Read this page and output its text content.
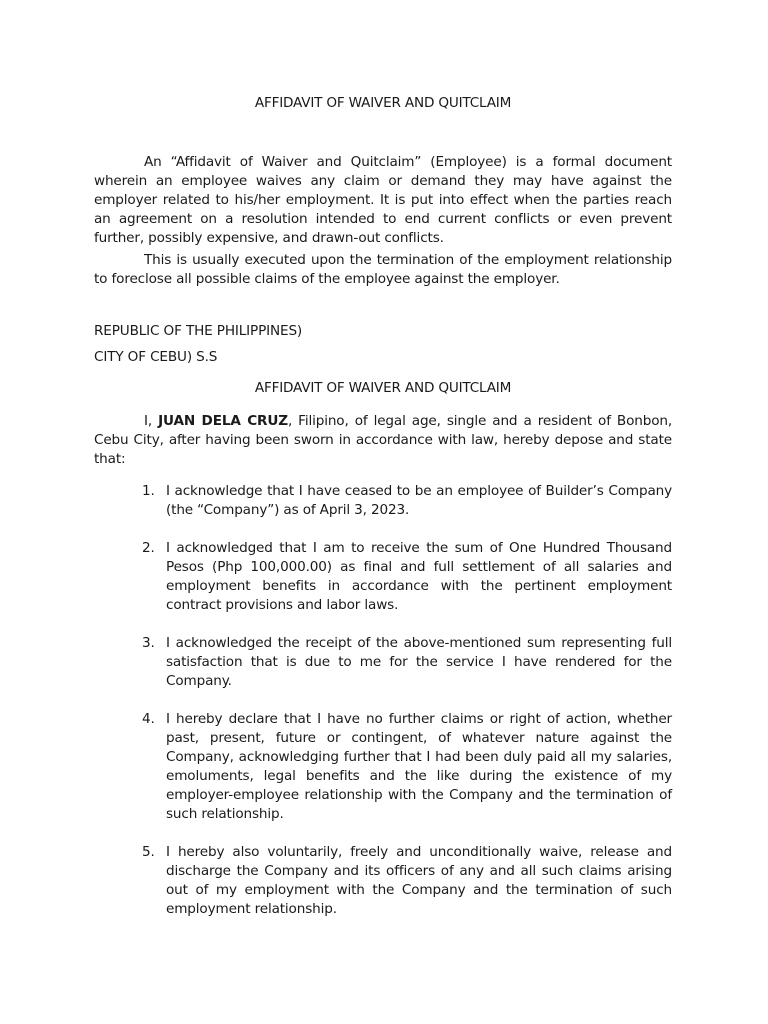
AFFIDAVIT OF WAIVER AND QUITCLAIM

An “Affidavit of Waiver and Quitclaim” (Employee) is a formal document wherein an employee waives any claim or demand they may have against the employer related to his/her employment. It is put into effect when the parties reach an agreement on a resolution intended to end current conflicts or even prevent further, possibly expensive, and drawn-out conflicts.

This is usually executed upon the termination of the employment relationship to foreclose all possible claims of the employee against the employer.

REPUBLIC OF THE PHILIPPINES)

CITY OF CEBU) S.S

AFFIDAVIT OF WAIVER AND QUITCLAIM

I, JUAN DELA CRUZ, Filipino, of legal age, single and a resident of Bonbon, Cebu City, after having been sworn in accordance with law, hereby depose and state that:

1. I acknowledge that I have ceased to be an employee of Builder’s Company (the “Company”) as of April 3, 2023.
2. I acknowledged that I am to receive the sum of One Hundred Thousand Pesos (Php 100,000.00) as final and full settlement of all salaries and employment benefits in accordance with the pertinent employment contract provisions and labor laws.
3. I acknowledged the receipt of the above-mentioned sum representing full satisfaction that is due to me for the service I have rendered for the Company.
4. I hereby declare that I have no further claims or right of action, whether past, present, future or contingent, of whatever nature against the Company, acknowledging further that I had been duly paid all my salaries, emoluments, legal benefits and the like during the existence of my employer-employee relationship with the Company and the termination of such relationship.
5. I hereby also voluntarily, freely and unconditionally waive, release and discharge the Company and its officers of any and all such claims arising out of my employment with the Company and the termination of such employment relationship.
